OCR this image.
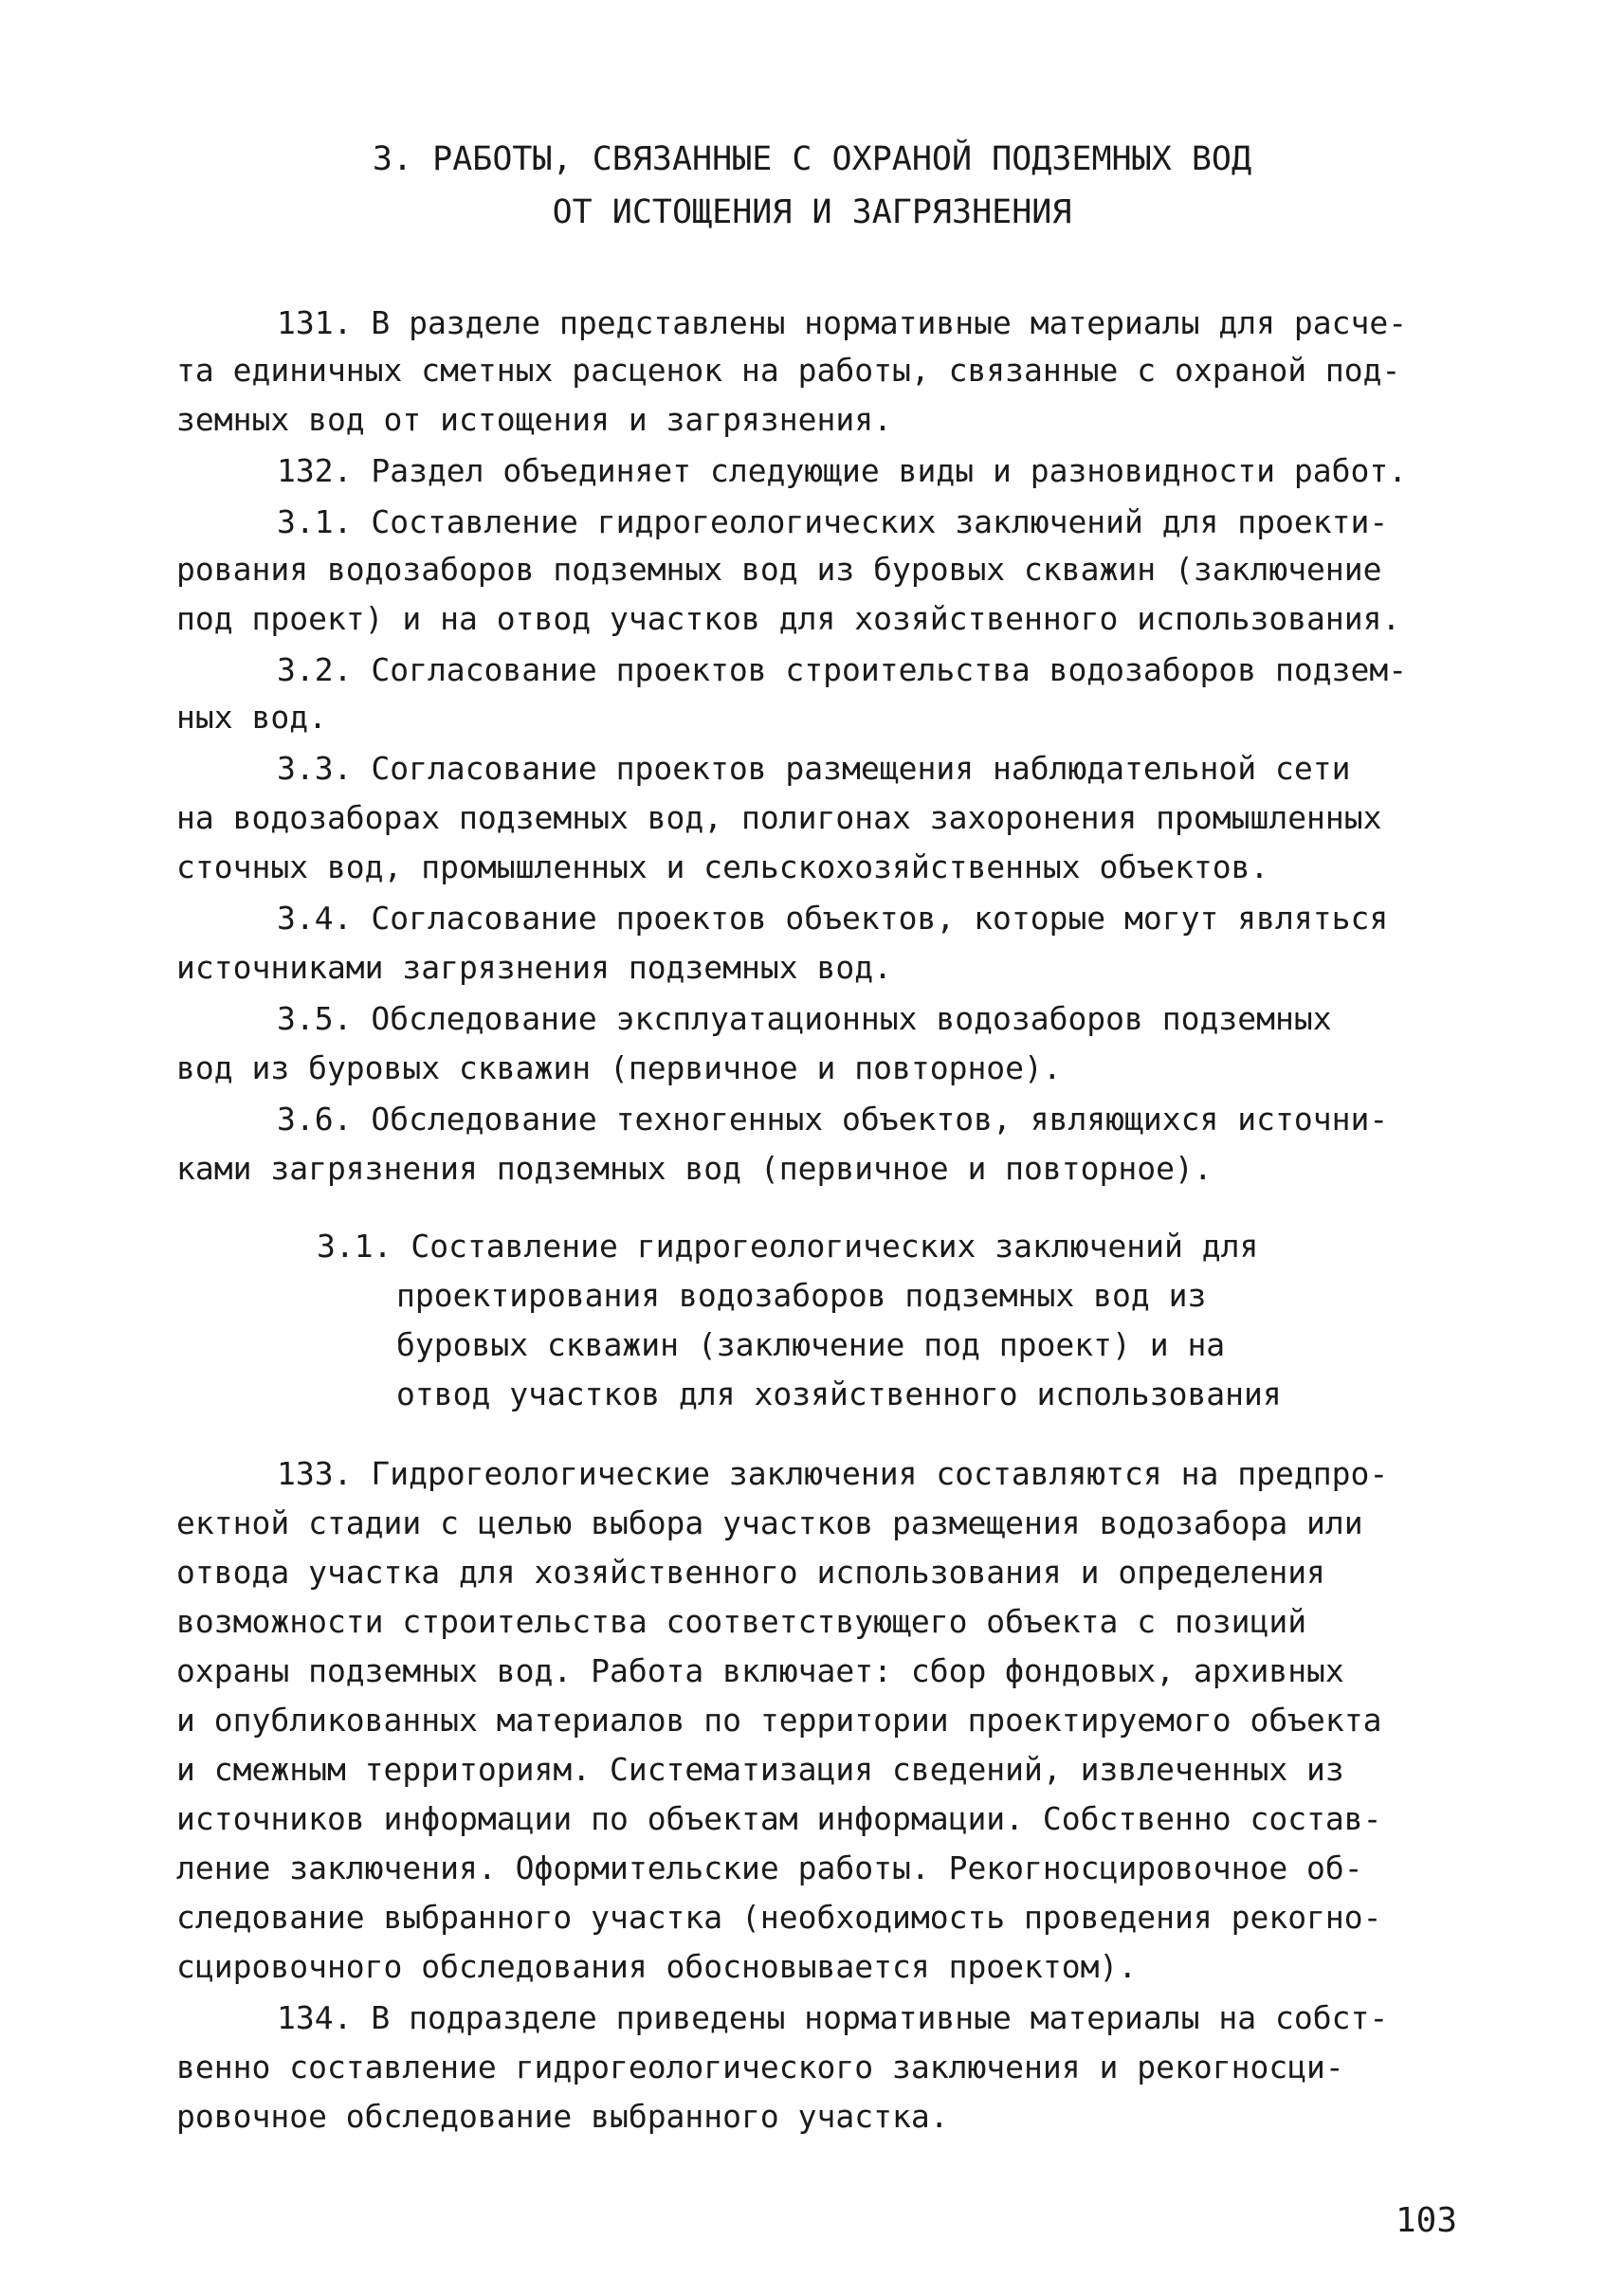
3. РАБОТЫ, СВЯЗАННЫЕ С ОХРАНОЙ ПОДЗЕМНЫХ ВОД
ОТ ИСТОЩЕНИЯ И ЗАГРЯЗНЕНИЯ
131. В разделе представлены нормативные материалы для расче-
та единичных сметных расценок на работы, связанные с охраной под-
земных вод от истощения и загрязнения.
132. Раздел объединяет следующие виды и разновидности работ.
3.1. Составление гидрогеологических заключений для проекти-
рования водозаборов подземных вод из буровых скважин (заключение
под проект) и на отвод участков для хозяйственного использования.
3.2. Согласование проектов строительства водозаборов подзем-
ных вод.
3.3. Согласование проектов размещения наблюдательной сети
на водозаборах подземных вод, полигонах захоронения промышленных
сточных вод, промышленных и сельскохозяйственных объектов.
3.4. Согласование проектов объектов, которые могут являться
источниками загрязнения подземных вод.
3.5. Обследование эксплуатационных водозаборов подземных
вод из буровых скважин (первичное и повторное).
3.6. Обследование техногенных объектов, являющихся источни-
ками загрязнения подземных вод (первичное и повторное).
3.1. Составление гидрогеологических заключений для
проектирования водозаборов подземных вод из
буровых скважин (заключение под проект) и на
отвод участков для хозяйственного использования
133. Гидрогеологические заключения составляются на предпро-
ектной стадии с целью выбора участков размещения водозабора или
отвода участка для хозяйственного использования и определения
возможности строительства соответствующего объекта с позиций
охраны подземных вод. Работа включает: сбор фондовых, архивных
и опубликованных материалов по территории проектируемого объекта
и смежным территориям. Систематизация сведений, извлеченных из
источников информации по объектам информации. Собственно состав-
ление заключения. Оформительские работы. Рекогносцировочное об-
следование выбранного участка (необходимость проведения рекогно-
сцировочного обследования обосновывается проектом).
134. В подразделе приведены нормативные материалы на собст-
венно составление гидрогеологического заключения и рекогносци-
ровочное обследование выбранного участка.
103
